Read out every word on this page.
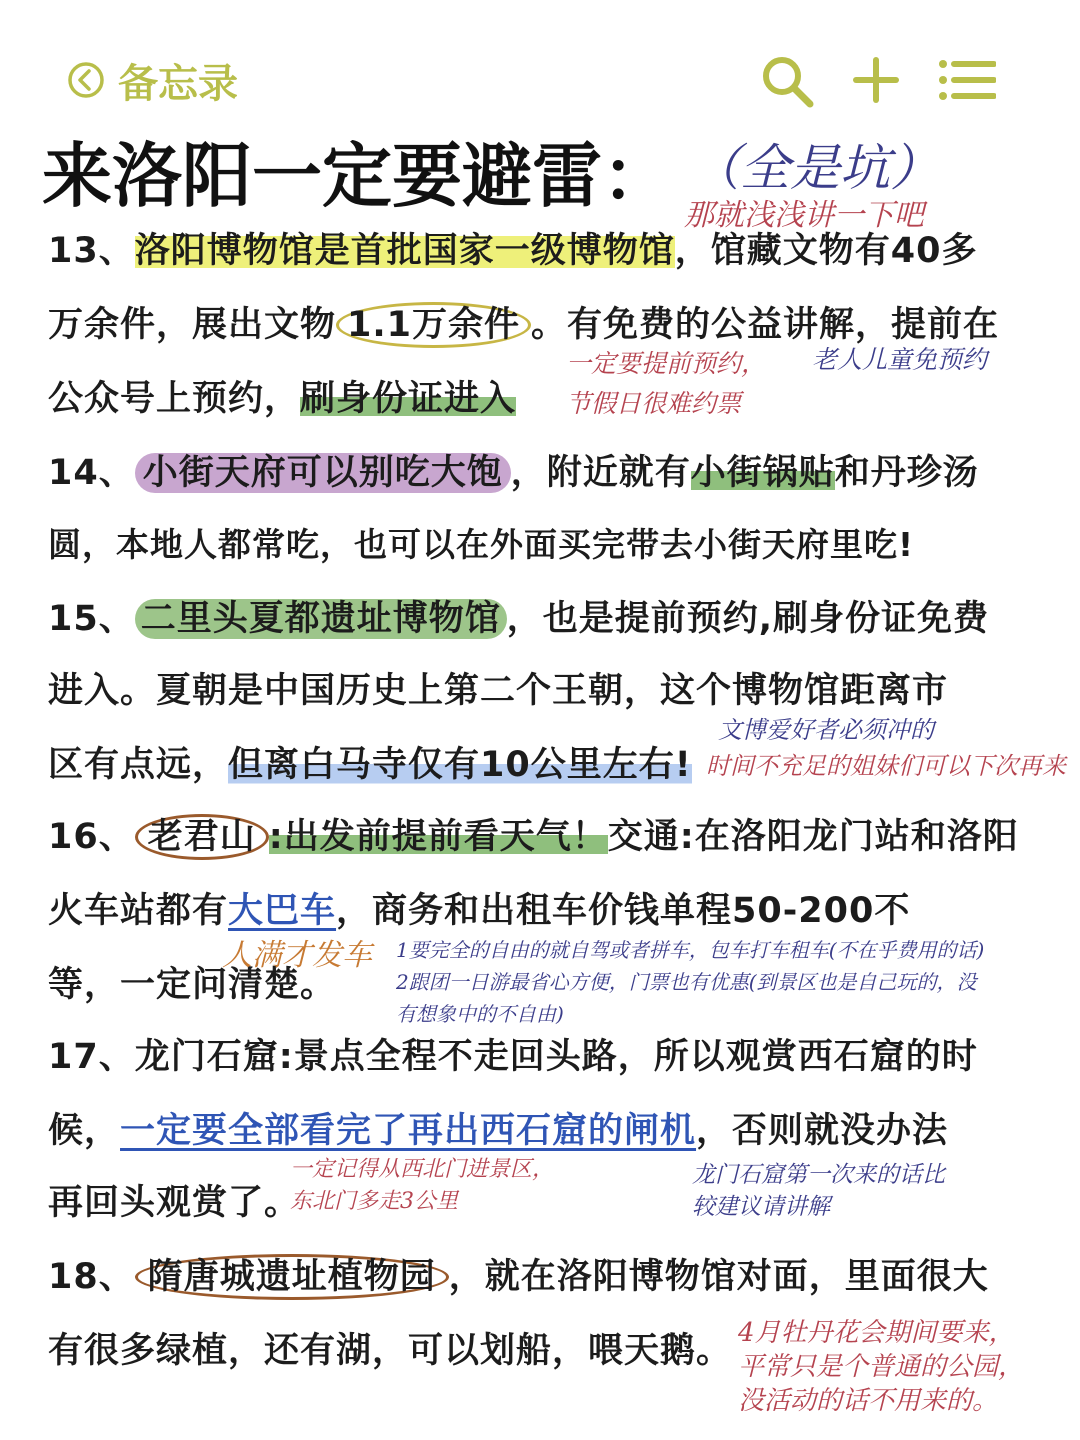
备忘录
来洛阳一定要避雷： （全是坑）
那就浅浅讲一下吧
13、洛阳博物馆是首批国家一级博物馆，馆藏文物有40多
万余件，展出文物 1.1万余件 。有免费的公益讲解，提前在
公众号上预约，刷身份证进入
一定要提前预约， 老人儿童免预约
节假日很难约票
14、 小街天府可以别吃大饱 ，附近就有小街锅贴和丹珍汤
圆，本地人都常吃，也可以在外面买完带去小街天府里吃!
15、 二里头夏都遗址博物馆 ，也是提前预约,刷身份证免费
进入。夏朝是中国历史上第二个王朝，这个博物馆距离市
区有点远，但离白马寺仅有10公里左右!
文博爱好者必须冲的
时间不充足的姐妹们可以下次再来
16、 老君山 :出发前提前看天气！交通:在洛阳龙门站和洛阳
火车站都有大巴车，商务和出租车价钱单程50-200不
等，一定问清楚。
人满才发车 1要完全的自由的就自驾或者拼车，包车打车租车(不在乎费用的话)
2跟团一日游最省心方便，门票也有优惠(到景区也是自己玩的，没
有想象中的不自由)
17、龙门石窟:景点全程不走回头路，所以观赏西石窟的时
候，一定要全部看完了再出西石窟的闸机，否则就没办法
再回头观赏了。
一定记得从西北门进景区，
东北门多走3公里
龙门石窟第一次来的话比
较建议请讲解
18、 隋唐城遗址植物园 ，就在洛阳博物馆对面，里面很大
有很多绿植，还有湖，可以划船，喂天鹅。 4月牡丹花会期间要来，
平常只是个普通的公园，
没活动的话不用来的。
